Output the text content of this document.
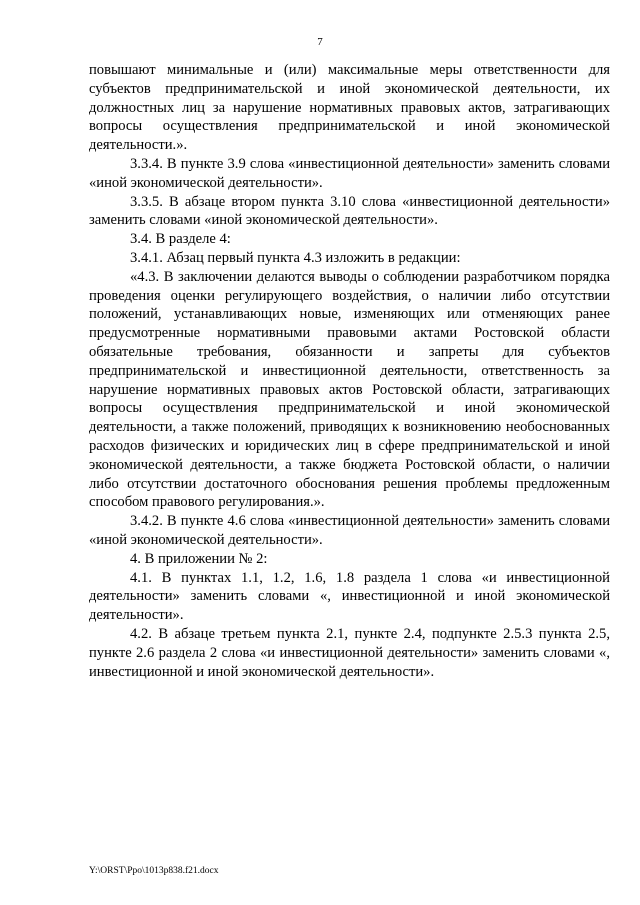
7

повышают минимальные и (или) максимальные меры ответственности для субъектов предпринимательской и иной экономической деятельности, их должностных лиц за нарушение нормативных правовых актов, затрагивающих вопросы осуществления предпринимательской и иной экономической деятельности.».

3.3.4. В пункте 3.9 слова «инвестиционной деятельности» заменить словами «иной экономической деятельности».

3.3.5. В абзаце втором пункта 3.10 слова «инвестиционной деятельности» заменить словами «иной экономической деятельности».

3.4. В разделе 4:

3.4.1. Абзац первый пункта 4.3 изложить в редакции:

«4.3. В заключении делаются выводы о соблюдении разработчиком порядка проведения оценки регулирующего воздействия, о наличии либо отсутствии положений, устанавливающих новые, изменяющих или отменяющих ранее предусмотренные нормативными правовыми актами Ростовской области обязательные требования, обязанности и запреты для субъектов предпринимательской и инвестиционной деятельности, ответственность за нарушение нормативных правовых актов Ростовской области, затрагивающих вопросы осуществления предпринимательской и иной экономической деятельности, а также положений, приводящих к возникновению необоснованных расходов физических и юридических лиц в сфере предпринимательской и иной экономической деятельности, а также бюджета Ростовской области, о наличии либо отсутствии достаточного обоснования решения проблемы предложенным способом правового регулирования.».

3.4.2. В пункте 4.6 слова «инвестиционной деятельности» заменить словами «иной экономической деятельности».

4. В приложении № 2:

4.1. В пунктах 1.1, 1.2, 1.6, 1.8 раздела 1 слова «и инвестиционной деятельности» заменить словами «, инвестиционной и иной экономической деятельности».

4.2. В абзаце третьем пункта 2.1, пункте 2.4, подпункте 2.5.3 пункта 2.5, пункте 2.6 раздела 2 слова «и инвестиционной деятельности» заменить словами «, инвестиционной и иной экономической деятельности».

Y:\ORST\Ppo\1013p838.f21.docx
